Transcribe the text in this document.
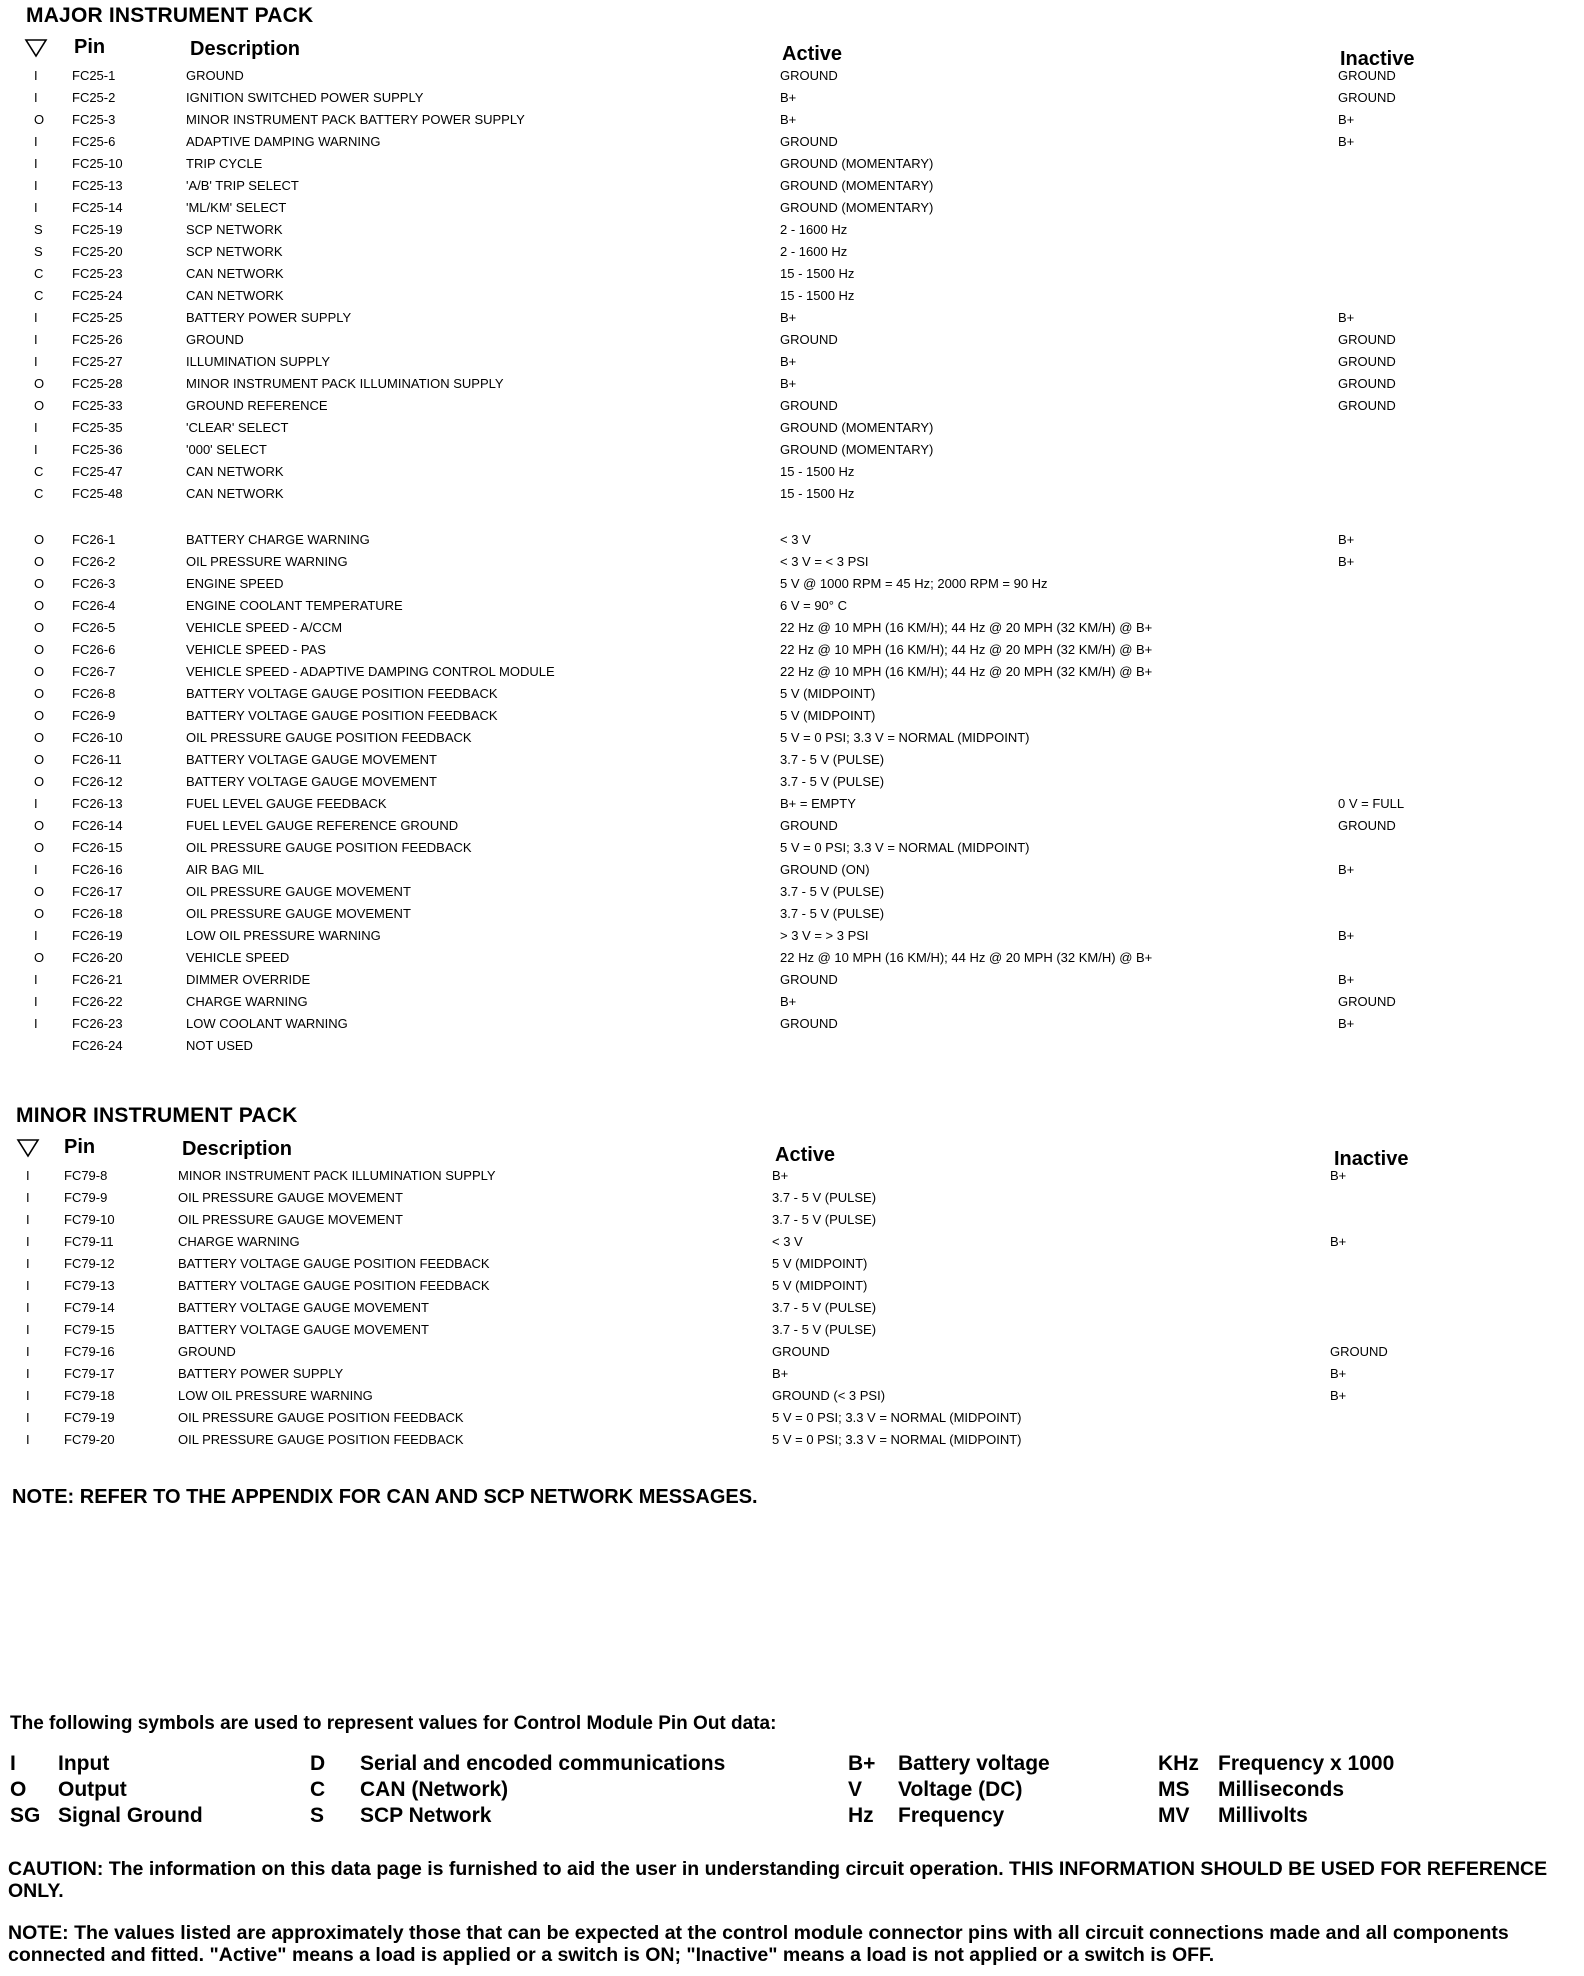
MAJOR INSTRUMENT PACK
Pin	Description	Active	Inactive
I	FC25-1	GROUND	GROUND	GROUND
I	FC25-2	IGNITION SWITCHED POWER SUPPLY	B+	GROUND
O FC25-3	MINOR INSTRUMENT PACK BATTERY POWER SUPPLY	B+	B+
I	FC25-6	ADAPTIVE DAMPING WARNING	GROUND	B+
I	FC25-10	TRIP CYCLE	GROUND (MOMENTARY)
I	FC25-13	'A/B' TRIP SELECT	GROUND (MOMENTARY)
I	FC25-14	'ML/KM' SELECT	GROUND (MOMENTARY)
S FC25-19	SCP NETWORK	2 - 1600 Hz
S FC25-20	SCP NETWORK	2 - 1600 Hz
C FC25-23	CAN NETWORK	15 - 1500 Hz
C FC25-24	CAN NETWORK	15 - 1500 Hz
I	FC25-25	BATTERY POWER SUPPLY	B+	B+
I	FC25-26	GROUND	GROUND	GROUND
I	FC25-27	ILLUMINATION SUPPLY	B+	GROUND
O FC25-28	MINOR INSTRUMENT PACK ILLUMINATION SUPPLY	B+	GROUND
O FC25-33	GROUND REFERENCE	GROUND	GROUND
I	FC25-35	'CLEAR' SELECT	GROUND (MOMENTARY)
I	FC25-36	'000' SELECT	GROUND (MOMENTARY)
C FC25-47	CAN NETWORK	15 - 1500 Hz
C FC25-48	CAN NETWORK	15 - 1500 Hz
O FC26-1	BATTERY CHARGE WARNING	< 3 V	B+
O FC26-2	OIL PRESSURE WARNING	< 3 V = < 3 PSI	B+
O FC26-3	ENGINE SPEED	5 V @ 1000 RPM = 45 Hz; 2000 RPM = 90 Hz
O FC26-4	ENGINE COOLANT TEMPERATURE	6 V = 90° C
O FC26-5	VEHICLE SPEED - A/CCM	22 Hz @ 10 MPH (16 KM/H); 44 Hz @ 20 MPH (32 KM/H) @ B+
O FC26-6	VEHICLE SPEED - PAS	22 Hz @ 10 MPH (16 KM/H); 44 Hz @ 20 MPH (32 KM/H) @ B+
O FC26-7	VEHICLE SPEED - ADAPTIVE DAMPING CONTROL MODULE	22 Hz @ 10 MPH (16 KM/H); 44 Hz @ 20 MPH (32 KM/H) @ B+
O FC26-8	BATTERY VOLTAGE GAUGE POSITION FEEDBACK	5 V (MIDPOINT)
O FC26-9	BATTERY VOLTAGE GAUGE POSITION FEEDBACK	5 V (MIDPOINT)
O FC26-10	OIL PRESSURE GAUGE POSITION FEEDBACK	5 V = 0 PSI; 3.3 V = NORMAL (MIDPOINT)
O FC26-11	BATTERY VOLTAGE GAUGE MOVEMENT	3.7 - 5 V (PULSE)
O FC26-12	BATTERY VOLTAGE GAUGE MOVEMENT	3.7 - 5 V (PULSE)
I	FC26-13	FUEL LEVEL GAUGE FEEDBACK	B+ = EMPTY	0 V = FULL
O FC26-14	FUEL LEVEL GAUGE REFERENCE GROUND	GROUND	GROUND
O FC26-15	OIL PRESSURE GAUGE POSITION FEEDBACK	5 V = 0 PSI; 3.3 V = NORMAL (MIDPOINT)
I	FC26-16	AIR BAG MIL	GROUND (ON)	B+
O FC26-17	OIL PRESSURE GAUGE MOVEMENT	3.7 - 5 V (PULSE)
O FC26-18	OIL PRESSURE GAUGE MOVEMENT	3.7 - 5 V (PULSE)
I	FC26-19	LOW OIL PRESSURE WARNING	> 3 V = > 3 PSI	B+
O FC26-20	VEHICLE SPEED	22 Hz @ 10 MPH (16 KM/H); 44 Hz @ 20 MPH (32 KM/H) @ B+
I	FC26-21	DIMMER OVERRIDE	GROUND	B+
I	FC26-22	CHARGE WARNING	B+	GROUND
I	FC26-23	LOW COOLANT WARNING	GROUND	B+
FC26-24	NOT USED
MINOR INSTRUMENT PACK
Pin	Description	Active	Inactive
I	FC79-8	MINOR INSTRUMENT PACK ILLUMINATION SUPPLY	B+	B+
I	FC79-9	OIL PRESSURE GAUGE MOVEMENT	3.7 - 5 V (PULSE)
I	FC79-10	OIL PRESSURE GAUGE MOVEMENT	3.7 - 5 V (PULSE)
I	FC79-11	CHARGE WARNING	< 3 V	B+
I	FC79-12	BATTERY VOLTAGE GAUGE POSITION FEEDBACK	5 V (MIDPOINT)
I	FC79-13	BATTERY VOLTAGE GAUGE POSITION FEEDBACK	5 V (MIDPOINT)
I	FC79-14	BATTERY VOLTAGE GAUGE MOVEMENT	3.7 - 5 V (PULSE)
I	FC79-15	BATTERY VOLTAGE GAUGE MOVEMENT	3.7 - 5 V (PULSE)
I	FC79-16	GROUND	GROUND	GROUND
I	FC79-17	BATTERY POWER SUPPLY	B+	B+
I	FC79-18	LOW OIL PRESSURE WARNING	GROUND (< 3 PSI)	B+
I	FC79-19	OIL PRESSURE GAUGE POSITION FEEDBACK	5 V = 0 PSI; 3.3 V = NORMAL (MIDPOINT)
I	FC79-20	OIL PRESSURE GAUGE POSITION FEEDBACK	5 V = 0 PSI; 3.3 V = NORMAL (MIDPOINT)
NOTE: REFER TO THE APPENDIX FOR CAN AND SCP NETWORK MESSAGES.
The following symbols are used to represent values for Control Module Pin Out data:
I Input
O Output
SG Signal Ground
D Serial and encoded communications
C CAN (Network)
S SCP Network
B+ Battery voltage
V Voltage (DC)
Hz Frequency
KHz Frequency x 1000
MS Milliseconds
MV Millivolts
CAUTION: The information on this data page is furnished to aid the user in understanding circuit operation. THIS INFORMATION SHOULD BE USED FOR REFERENCE ONLY.
NOTE: The values listed are approximately those that can be expected at the control module connector pins with all circuit connections made and all components connected and fitted. "Active" means a load is applied or a switch is ON; "Inactive" means a load is not applied or a switch is OFF.
